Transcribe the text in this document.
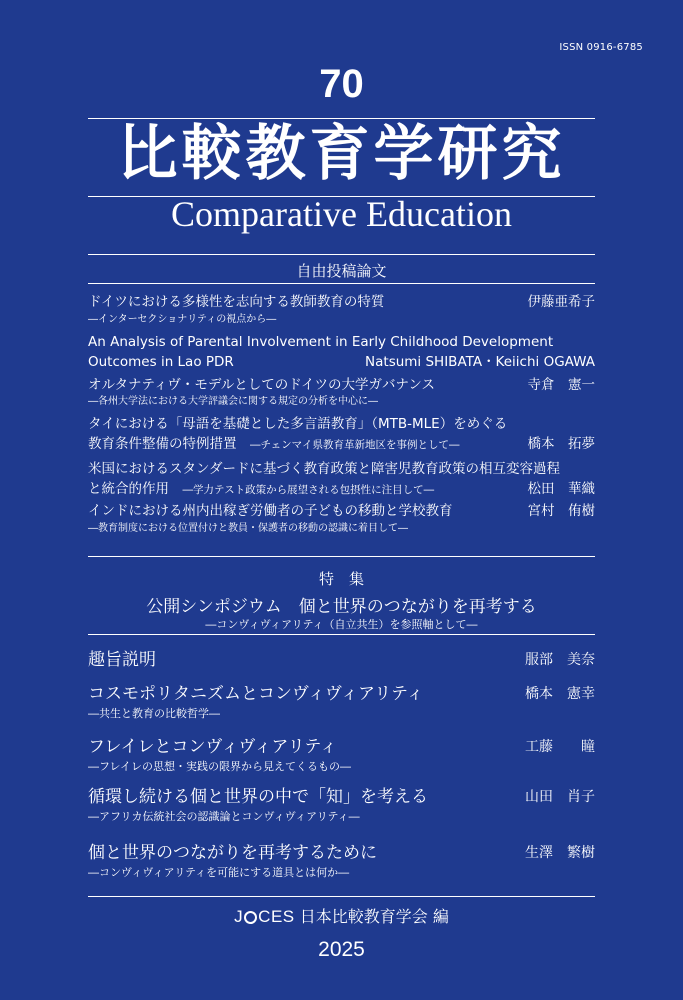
ISSN 0916-6785
70
比較教育学研究
Comparative Education
自由投稿論文
ドイツにおける多様性を志向する教師教育の特質	伊藤亜希子
―インターセクショナリティの視点から―
An Analysis of Parental Involvement in Early Childhood Development
Outcomes in Lao PDR	Natsumi SHIBATA・Keiichi OGAWA
オルタナティヴ・モデルとしてのドイツの大学ガバナンス	寺倉　憲一
―各州大学法における大学評議会に関する規定の分析を中心に―
タイにおける「母語を基礎とした多言語教育」（MTB-MLE）をめぐる
教育条件整備の特例措置　 ―チェンマイ県教育革新地区を事例として―	橋本　拓夢
米国におけるスタンダードに基づく教育政策と障害児教育政策の相互変容過程
と統合的作用　 ―学力テスト政策から展望される包摂性に注目して―	松田　華織
インドにおける州内出稼ぎ労働者の子どもの移動と学校教育	宮村　侑樹
―教育制度における位置付けと教員・保護者の移動の認識に着目して―
特　集
公開シンポジウム　個と世界のつながりを再考する
―コンヴィヴィアリティ（自立共生）を参照軸として―
趣旨説明	服部　美奈
コスモポリタニズムとコンヴィヴィアリティ	橋本　憲幸
―共生と教育の比較哲学―
フレイレとコンヴィヴィアリティ	工藤　　瞳
―フレイレの思想・実践の限界から見えてくるもの―
循環し続ける個と世界の中で「知」を考える	山田　肖子
―アフリカ伝統社会の認識論とコンヴィヴィアリティ―
個と世界のつながりを再考するために	生澤　繁樹
―コンヴィヴィアリティを可能にする道具とは何か―
J CES 日本比較教育学会 編
2025
